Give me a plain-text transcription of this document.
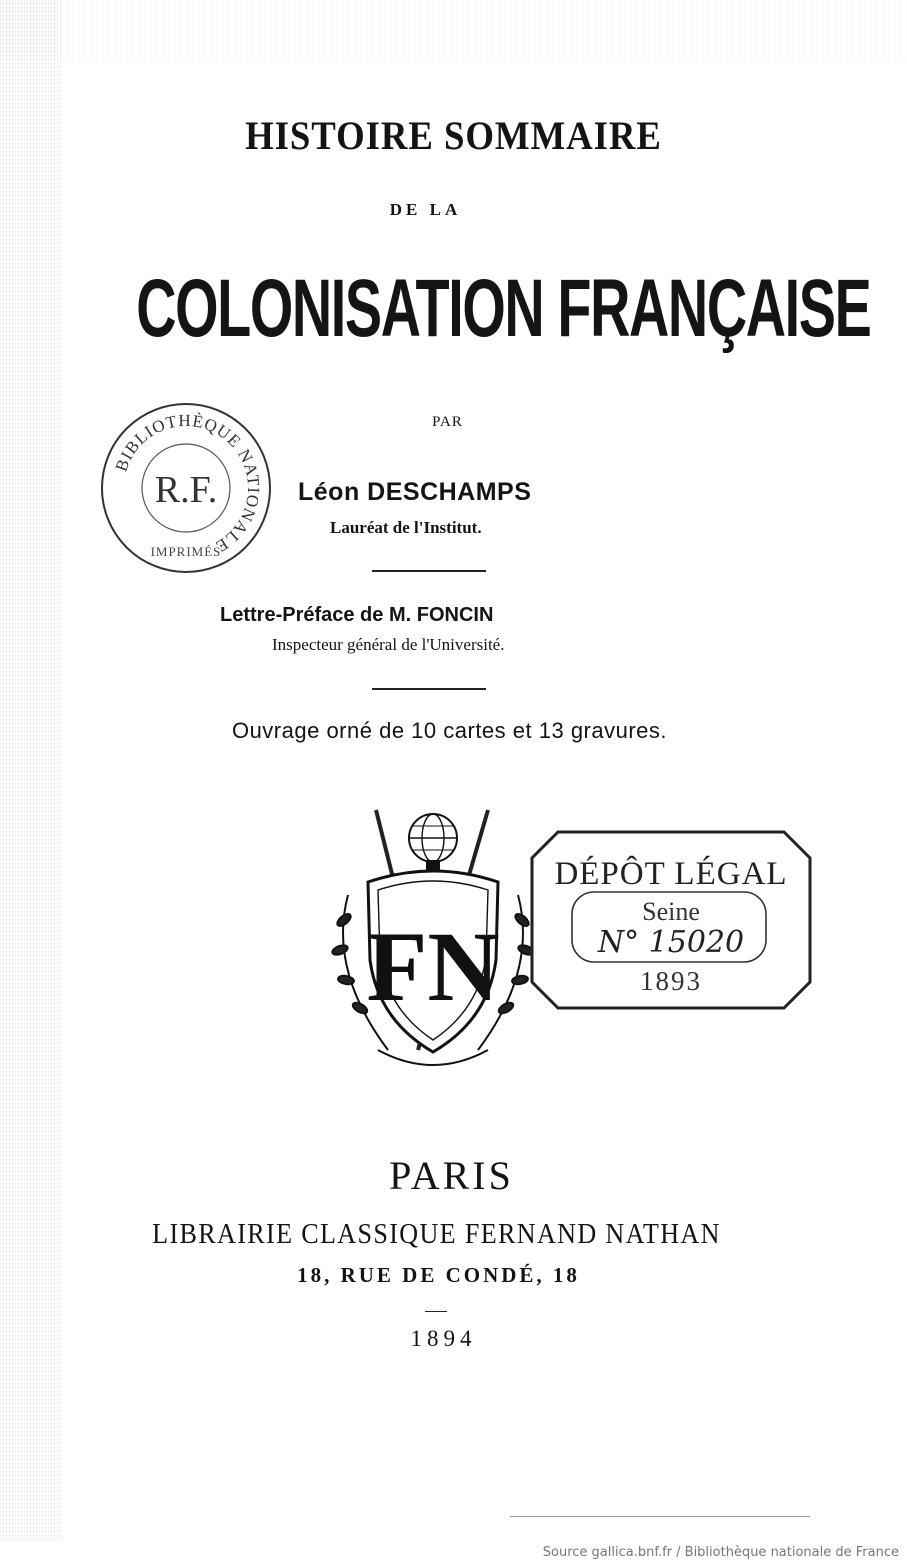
HISTOIRE SOMMAIRE
DE LA
COLONISATION FRANÇAISE
PAR
BIBLIOTHÈQUE NATIONALE
R.F.
IMPRIMÉS
Léon DESCHAMPS
Lauréat de l'Institut.
Lettre-Préface de M. FONCIN
Inspecteur général de l'Université.
Ouvrage orné de 10 cartes et 13 gravures.
FN
DÉPÔT LÉGAL
Seine
N° 15020
1893
PARIS
LIBRAIRIE CLASSIQUE FERNAND NATHAN
18, RUE DE CONDÉ, 18
1894
Source gallica.bnf.fr / Bibliothèque nationale de France
